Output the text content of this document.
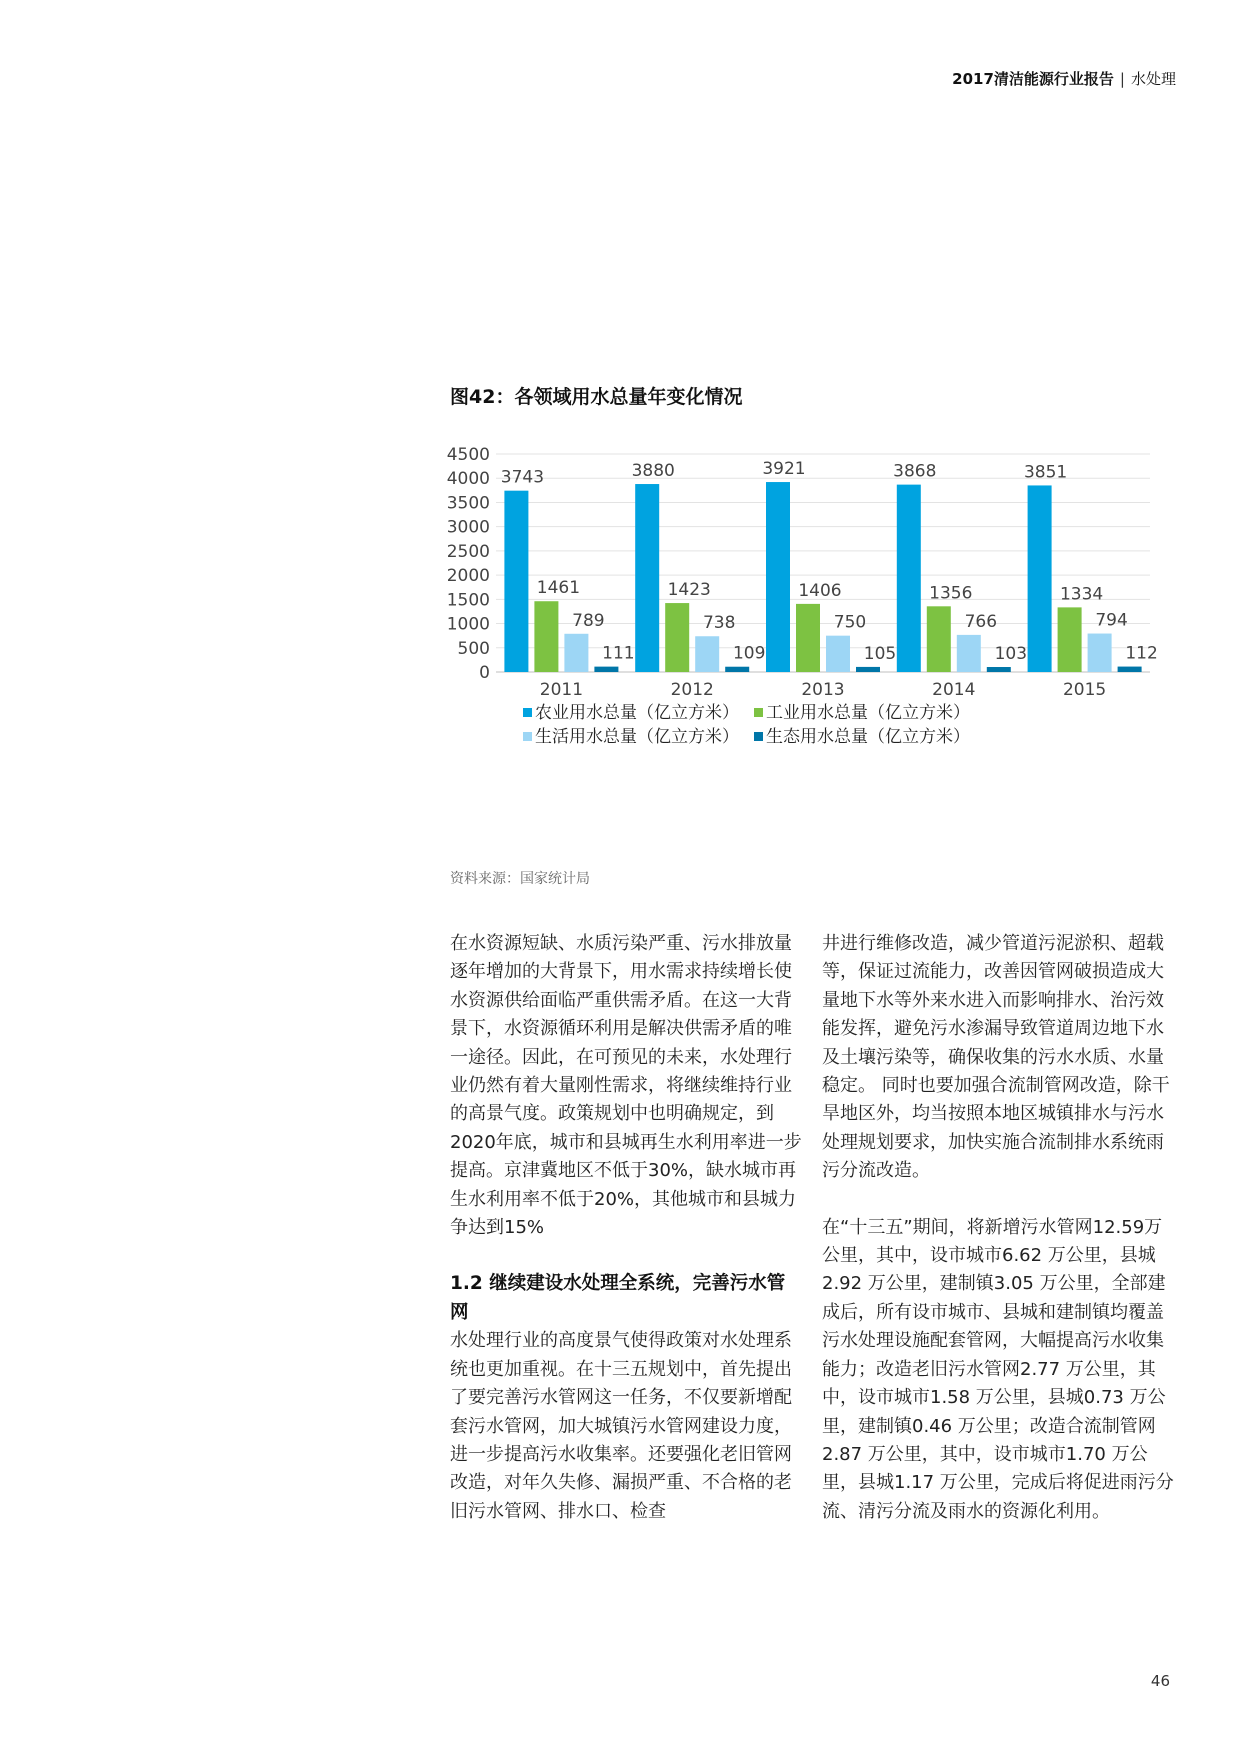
2017清洁能源行业报告 | 水处理
图42：各领域用水总量年变化情况
0
500
1000
1500
2000
2500
3000
3500
4000
4500
3743
1461
789
111
2011
3880
1423
738
109
2012
3921
1406
750
105
2013
3868
1356
766
103
2014
3851
1334
794
112
2015
农业用水总量（亿立方米） 工业用水总量（亿立方米）
生活用水总量（亿立方米） 生态用水总量（亿立方米）
资料来源：国家统计局

在水资源短缺、水质污染严重、污水排放量逐年增加的大背景下，用水需求持续增长使水资源供给面临严重供需矛盾。在这一大背景下，水资源循环利用是解决供需矛盾的唯一途径。因此，在可预见的未来，水处理行业仍然有着大量刚性需求，将继续维持行业的高景气度。政策规划中也明确规定，到2020年底，城市和县城再生水利用率进一步提高。京津冀地区不低于30%，缺水城市再生水利用率不低于20%，其他城市和县城力争达到15%

1.2 继续建设水处理全系统，完善污水管网

水处理行业的高度景气使得政策对水处理系统也更加重视。在十三五规划中，首先提出了要完善污水管网这一任务，不仅要新增配套污水管网，加大城镇污水管网建设力度，进一步提高污水收集率。还要强化老旧管网改造，对年久失修、漏损严重、不合格的老旧污水管网、排水口、检查

井进行维修改造，减少管道污泥淤积、超载等，保证过流能力，改善因管网破损造成大量地下水等外来水进入而影响排水、治污效能发挥，避免污水渗漏导致管道周边地下水及土壤污染等，确保收集的污水水质、水量稳定。 同时也要加强合流制管网改造，除干旱地区外，均当按照本地区城镇排水与污水处理规划要求，加快实施合流制排水系统雨污分流改造。

在“十三五”期间，将新增污水管网12.59万公里，其中，设市城市6.62 万公里，县城2.92 万公里，建制镇3.05 万公里，全部建成后，所有设市城市、县城和建制镇均覆盖污水处理设施配套管网，大幅提高污水收集能力；改造老旧污水管网2.77 万公里，其中，设市城市1.58 万公里，县城0.73 万公里，建制镇0.46 万公里；改造合流制管网2.87 万公里，其中，设市城市1.70 万公里，县城1.17 万公里，完成后将促进雨污分流、清污分流及雨水的资源化利用。

46
